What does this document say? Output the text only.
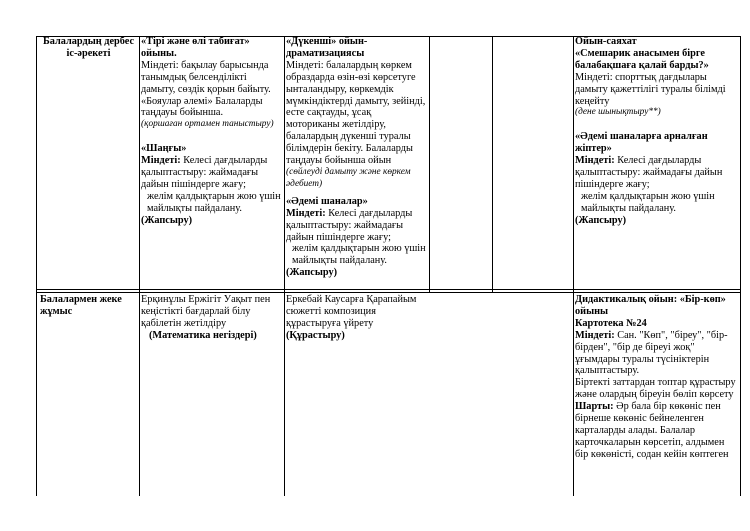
Балалардың дербес іс-әрекеті

«Тірі және өлі табиғат» ойыны.

Міндеті: бақылау барысында танымдық белсенділікті дамыту, сөздік қорын байыту. «Бояулар әлемі» Балаларды таңдауы бойынша.

(қоршаған ортамен таныстыру)

«Шаңғы»

Міндеті: Келесі дағдыларды қалыптастыру: жаймадағы дайын пішіндерге жағу;

желім қалдықтарын жою үшін майлықты пайдалану.

(Жапсыру)

«Дүкенші» ойын-драматизациясы

Міндеті: балалардың көркем образдарда өзін-өзі көрсетуге ынталандыру, көркемдік мүмкіндіктерді дамыту, зейінді, есте сақтауды, ұсақ моториканы жетілдіру, балалардың дүкенші туралы білімдерін бекіту. Балаларды таңдауы бойынша ойын

(сөйлеуді дамыту және көркем әдебиет)

«Әдемі шаналар»

Міндеті: Келесі дағдыларды қалыптастыру: жаймадағы дайын пішіндерге жағу;

желім қалдықтарын жою үшін майлықты пайдалану.

(Жапсыру)

Ойын-саяхат

«Смешарик анасымен бірге балабақшаға қалай барды?»

Міндеті: спорттық дағдылары дамыту қажеттілігі туралы білімді кеңейту

(дене шынықтыру**)

«Әдемі шаналарға арналған жіптер»

Міндеті: Келесі дағдыларды қалыптастыру: жаймадағы дайын пішіндерге жағу;

желім қалдықтарын жою үшін майлықты пайдалану.

(Жапсыру)

Балалармен жеке жұмыс

Ерқинұлы Ержігіт Уақыт пен кеңістікті бағдарлай білу қабілетін жетілдіру

(Математика негіздері)

Еркебай Каусарға Қарапайым сюжетті композиция құрастыруға үйрету

(Құрастыру)

Дидактикалық ойын: «Бір-көп» ойыны

Картотека №24

Міндеті: Сан. "Көп", "біреу", "бір-бірден", "бір де біреуі жоқ" ұғымдары туралы түсініктерін қалыптастыру.

Біртекті заттардан топтар құрастыру және олардың біреуін бөліп көрсету

Шарты: Әр бала бір көкөніс пен бірнеше көкөніс бейнеленген карталарды алады. Балалар карточкаларын көрсетіп, алдымен бір көкөністі, содан кейін көптеген
